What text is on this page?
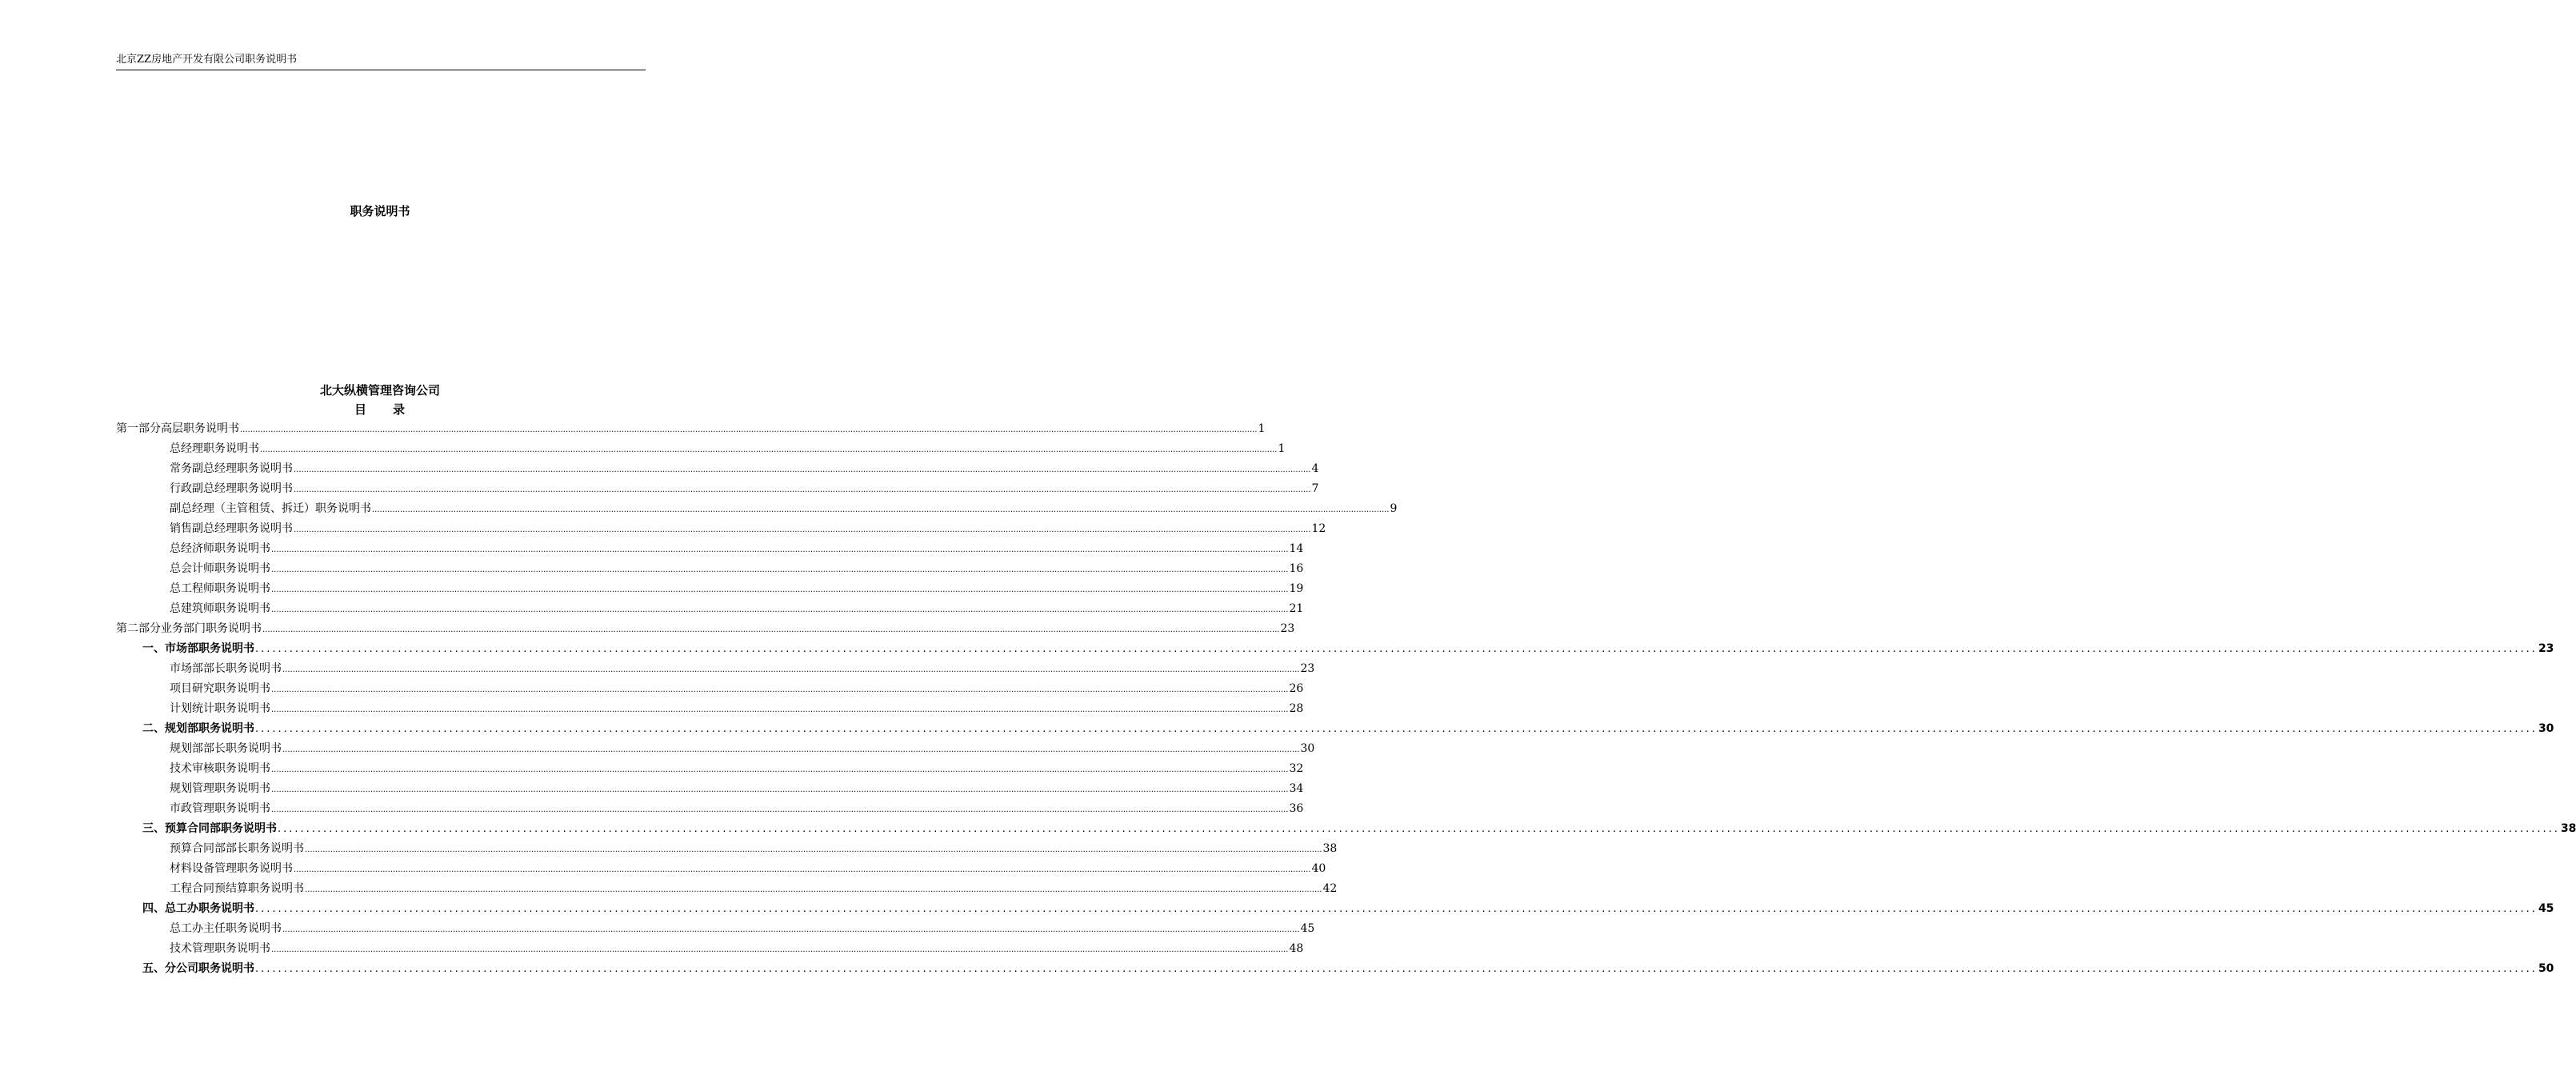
北京ZZ房地产开发有限公司职务说明书
职务说明书
北大纵横管理咨询公司
目　　录
第一部分 高层职务说明书 ................................................................................................................................................................................................................................................................................................................................................................................................................ 1
总经理职务说明书 ................................................................................................................................................................................................................................................................................................................................................................................................................ 1
常务副总经理职务说明书 ................................................................................................................................................................................................................................................................................................................................................................................................................ 4
行政副总经理职务说明书 ................................................................................................................................................................................................................................................................................................................................................................................................................ 7
副总经理（主管租赁、拆迁）职务说明书 ................................................................................................................................................................................................................................................................................................................................................................................................................ 9
销售副总经理职务说明书 ................................................................................................................................................................................................................................................................................................................................................................................................................ 12
总经济师职务说明书 ................................................................................................................................................................................................................................................................................................................................................................................................................ 14
总会计师职务说明书 ................................................................................................................................................................................................................................................................................................................................................................................................................ 16
总工程师职务说明书 ................................................................................................................................................................................................................................................................................................................................................................................................................ 19
总建筑师职务说明书 ................................................................................................................................................................................................................................................................................................................................................................................................................ 21
第二部分 业务部门职务说明书 ................................................................................................................................................................................................................................................................................................................................................................................................................ 23
一、市场部职务说明书 ................................................................................................................................................................................................................................................................................................................................................................................................................ 23
市场部部长职务说明书 ................................................................................................................................................................................................................................................................................................................................................................................................................ 23
项目研究职务说明书 ................................................................................................................................................................................................................................................................................................................................................................................................................ 26
计划统计职务说明书 ................................................................................................................................................................................................................................................................................................................................................................................................................ 28
二、规划部职务说明书 ................................................................................................................................................................................................................................................................................................................................................................................................................ 30
规划部部长职务说明书 ................................................................................................................................................................................................................................................................................................................................................................................................................ 30
技术审核职务说明书 ................................................................................................................................................................................................................................................................................................................................................................................................................ 32
规划管理职务说明书 ................................................................................................................................................................................................................................................................................................................................................................................................................ 34
市政管理职务说明书 ................................................................................................................................................................................................................................................................................................................................................................................................................ 36
三、预算合同部职务说明书 ................................................................................................................................................................................................................................................................................................................................................................................................................ 38
预算合同部部长职务说明书 ................................................................................................................................................................................................................................................................................................................................................................................................................ 38
材料设备管理职务说明书 ................................................................................................................................................................................................................................................................................................................................................................................................................ 40
工程合同预结算职务说明书 ................................................................................................................................................................................................................................................................................................................................................................................................................ 42
四、总工办职务说明书 ................................................................................................................................................................................................................................................................................................................................................................................................................ 45
总工办主任职务说明书 ................................................................................................................................................................................................................................................................................................................................................................................................................ 45
技术管理职务说明书 ................................................................................................................................................................................................................................................................................................................................................................................................................ 48
五、分公司职务说明书 ................................................................................................................................................................................................................................................................................................................................................................................................................ 50
